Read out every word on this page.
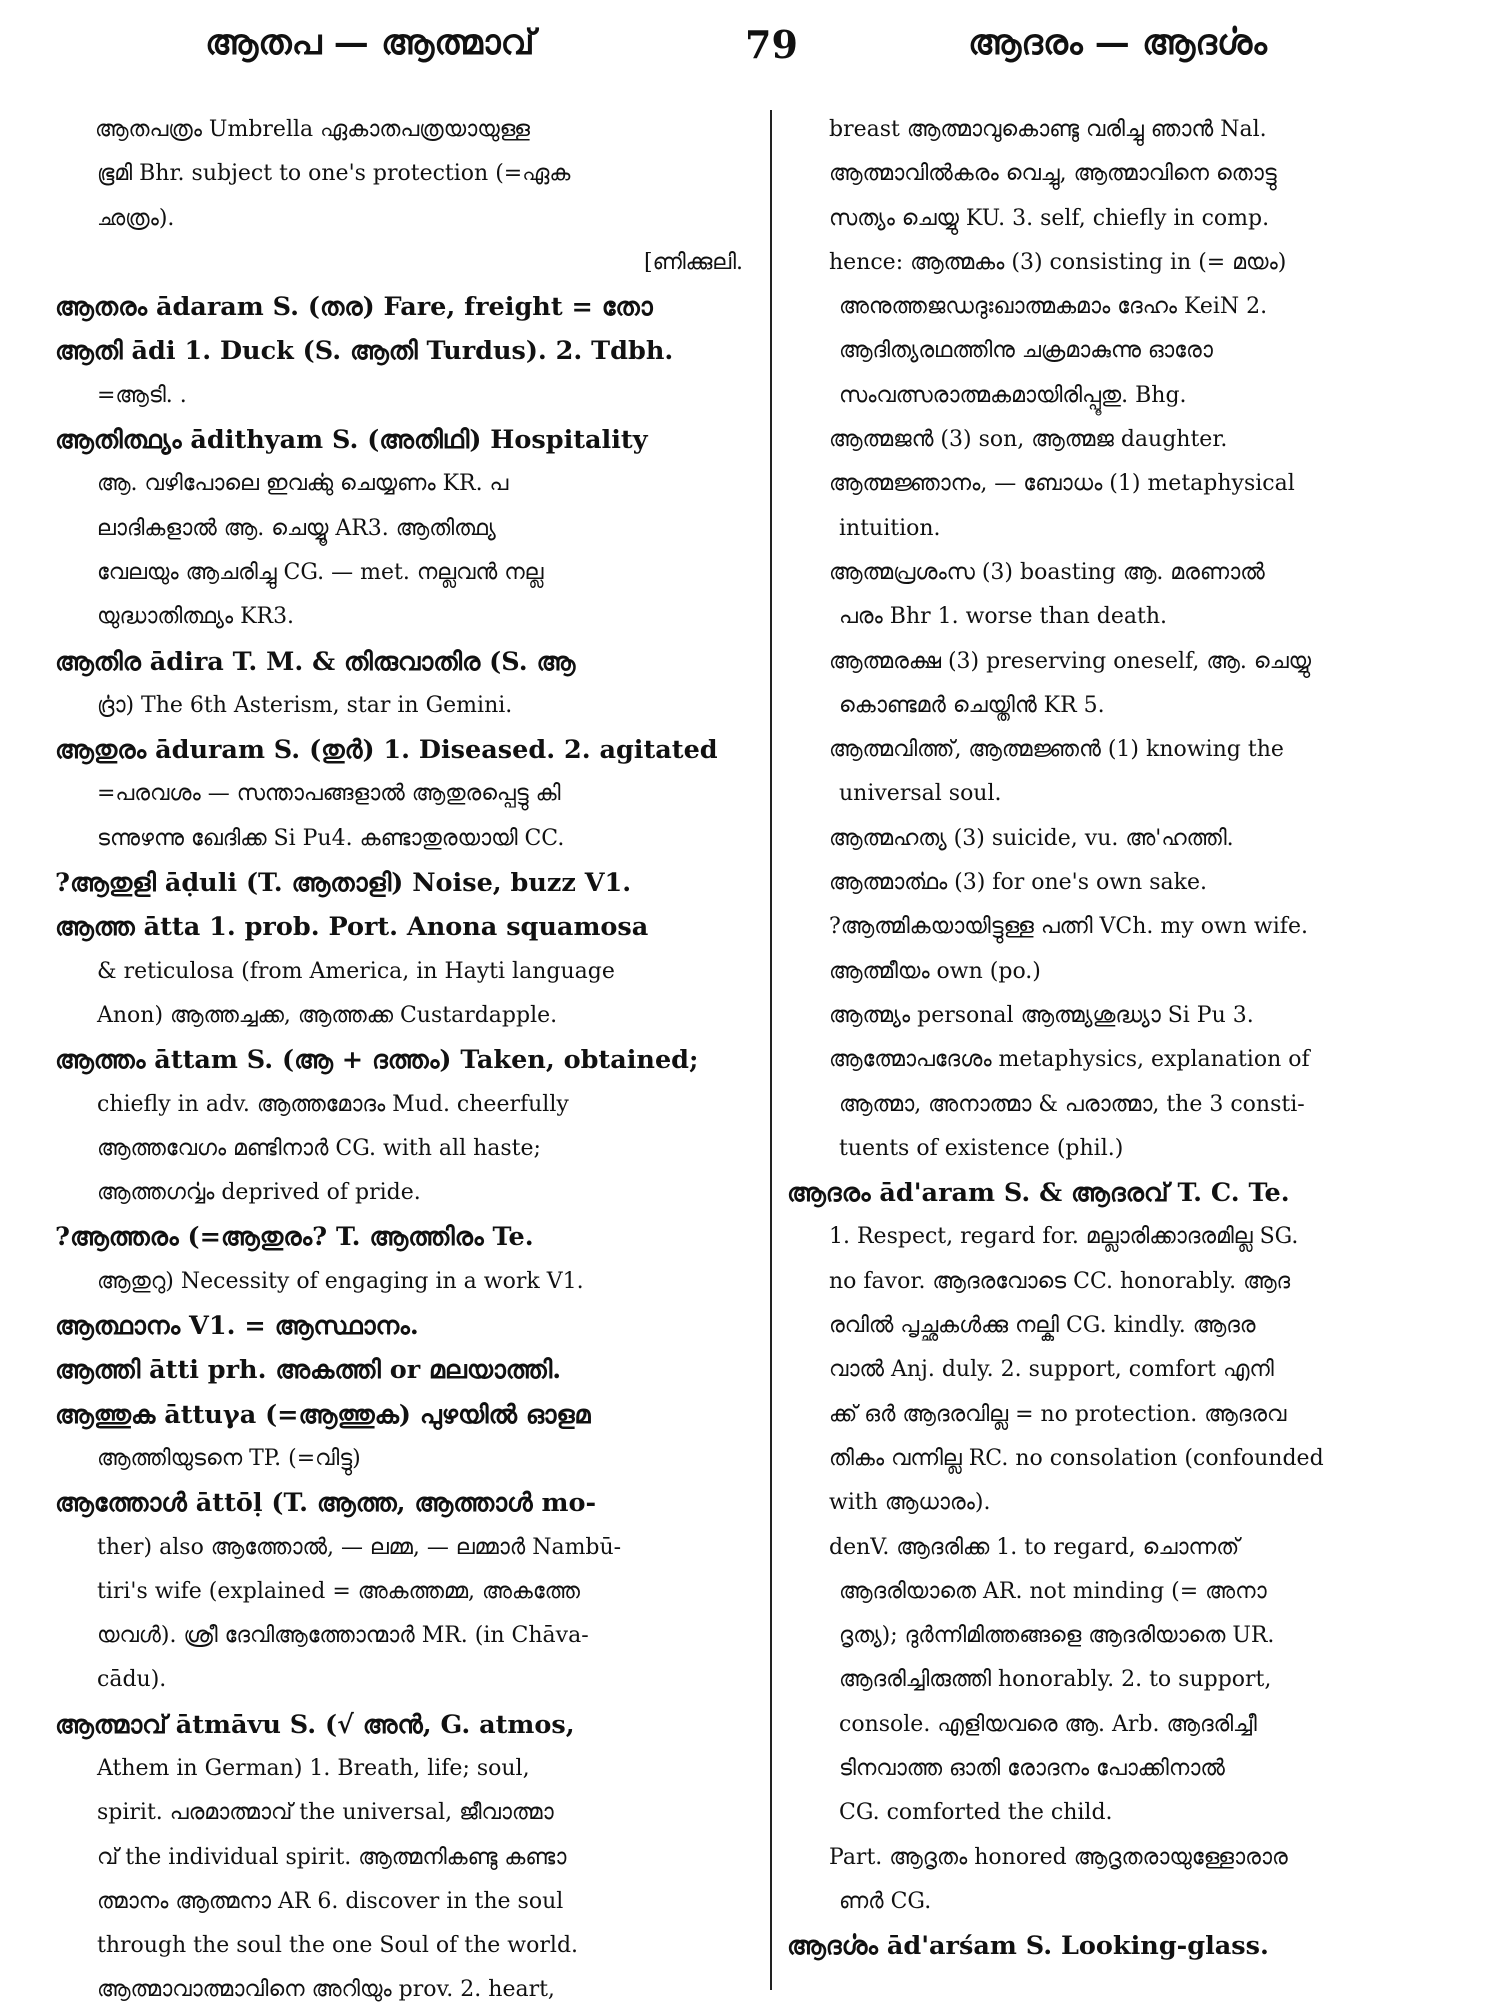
ആതപ — ആത്മാവ്	79	ആദരം — ആദൎശം
ആതപത്രം Umbrella ഏകാതപത്രയായുള്ള
ഭൂമി Bhr. subject to one's protection (=ഏക
ഛത്രം).
[ണിക്കുലി.
ആതരം ādaram S. (തര) Fare, freight = തോ
ആതി ādi 1. Duck (S. ആതി Turdus). 2. Tdbh.
=ആടി. .
ആതിത്ഥ്യം ādithyam S. (അതിഥി) Hospitality
ആ. വഴിപോലെ ഇവൎക്കു ചെയ്യണം KR. പ
ലാദികളാൽ ആ. ചെയ്യൂ AR3. ആതിത്ഥ്യ
വേലയും ആചരിച്ചു CG. — met. നല്ലവൻ നല്ല
യുദ്ധാതിത്ഥ്യം KR3.
ആതിര ādira T. M. & തിരുവാതിര (S. ആ
ൎദ്രാ) The 6th Asterism, star in Gemini.
ആതുരം āduram S. (തുർ) 1. Diseased. 2. agitated
=പരവശം — സന്താപങ്ങളാൽ ആതുരപ്പെട്ടു കി
ടന്നുഴന്നു ഖേദിക്ക Si Pu4. കണ്ടാതുരയായി CC.
?ആതുളി āḍuli (T. ആതാളി) Noise, buzz V1.
ആത്ത ātta 1. prob. Port. Anona squamosa
& reticulosa (from America, in Hayti language
Anon) ആത്തച്ചക്ക, ആത്തക്ക Custardapple.
ആത്തം āttam S. (ആ + ദത്തം) Taken, obtained;
chiefly in adv. ആത്തമോദം Mud. cheerfully
ആത്തവേഗം മണ്ടിനാർ CG. with all haste;
ആത്തഗൎവ്വം deprived of pride.
?ആത്തരം (=ആതുരം? T. ആത്തിരം Te.
ആതുറു) Necessity of engaging in a work V1.
ആത്ഥാനം V1. = ആസ്ഥാനം.
ആത്തി ātti prh. അകത്തി or മലയാത്തി.
ആത്തുക āttuγa (=ആത്തുക) പുഴയിൽ ഓളമ
ആത്തിയുടനെ TP. (=വിട്ടു)
ആത്തോൾ āttōḷ (T. ആത്ത, ആത്താൾ mo-
ther) also ആത്തോൽ, — ലമ്മ, — ലമ്മാർ Nambū-
tiri's wife (explained = അകത്തമ്മ, അകത്തേ
യവൾ). ശ്രീ ദേവിആത്തോന്മാർ MR. (in Chāva-
cādu).
ആത്മാവ് ātmāvu S. (√ അൻ, G. atmos,
Athem in German) 1. Breath, life; soul,
spirit. പരമാത്മാവ് the universal, ജീവാത്മാ
വ് the individual spirit. ആത്മനികണ്ടു കണ്ടാ
ത്മാനം ആത്മനാ AR 6. discover in the soul
through the soul the one Soul of the world.
ആത്മാവാത്മാവിനെ അറിയും prov. 2. heart,
breast ആത്മാവുകൊണ്ടു വരിച്ചു ഞാൻ Nal.
ആത്മാവിൽകരം വെച്ചു, ആത്മാവിനെ തൊട്ടു
സത്യം ചെയ്യു KU. 3. self, chiefly in comp.
hence: ആത്മകം (3) consisting in (= മയം)
അനുത്തജഡദുഃഖാത്മകമാം ദേഹം KeiN 2.
ആദിത്യരഥത്തിനു ചക്രമാകുന്നു ഓരോ
സംവത്സരാത്മകമായിരിപ്പൂതു. Bhg.
ആത്മജൻ (3) son, ആത്മജ daughter.
ആത്മജ്ഞാനം, — ബോധം (1) metaphysical
intuition.
ആത്മപ്രശംസ (3) boasting ആ. മരണാൽ
പരം Bhr 1. worse than death.
ആത്മരക്ഷ (3) preserving oneself, ആ. ചെയ്യു
കൊണ്ടമർ ചെയ്തിൻ KR 5.
ആത്മവിത്ത്, ആത്മജ്ഞൻ (1) knowing the
universal soul.
ആത്മഹത്യ (3) suicide, vu. അ'ഹത്തി.
ആത്മാൎത്ഥം (3) for one's own sake.
?ആത്മികയായിട്ടുള്ള പത്നി VCh. my own wife.
ആത്മീയം own (po.)
ആത്മ്യം personal ആത്മ്യശുദ്ധ്യാ Si Pu 3.
ആത്മോപദേശം metaphysics, explanation of
ആത്മാ, അനാത്മാ & പരാത്മാ, the 3 consti-
tuents of existence (phil.)
ആദരം ād'aram S. & ആദരവ് T. C. Te.
1. Respect, regard for. മല്ലാരിക്കാദരമില്ല SG.
no favor. ആദരവോടെ CC. honorably. ആദ
രവിൽ പൃച്ഛകൾക്കു നല്കി CG. kindly. ആദര
വാൽ Anj. duly. 2. support, comfort എനി
ക്ക് ഒർ ആദരവില്ല = no protection. ആദരവ
തികം വന്നില്ല RC. no consolation (confounded
with ആധാരം).
denV. ആദരിക്ക 1. to regard, ചൊന്നത്
ആദരിയാതെ AR. not minding (= അനാ
ദൃത്യ); ദുർന്നിമിത്തങ്ങളെ ആദരിയാതെ UR.
ആദരിച്ചിരുത്തി honorably. 2. to support,
console. എളിയവരെ ആ. Arb. ആദരിച്ചീ
ടിനവാത്ത ഓതി രോദനം പോക്കിനാൽ
CG. comforted the child.
Part. ആദൃതം honored ആദൃതരായുള്ളോരാര
ണർ CG.
ആദൎശം ād'arśam S. Looking-glass.
